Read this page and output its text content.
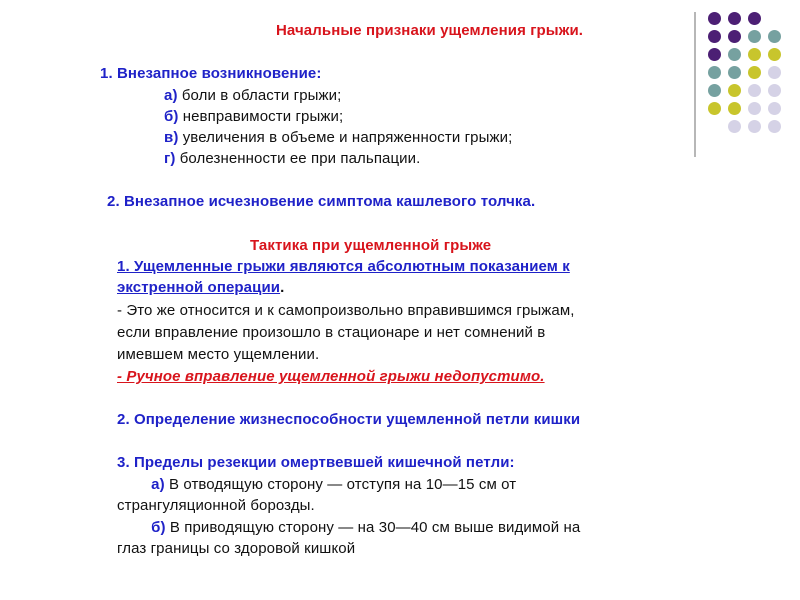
Начальные признаки ущемления грыжи.
1. Внезапное возникновение:
а) боли в области грыжи;
б) невправимости грыжи;
в) увеличения в объеме и напряженности грыжи;
г) болезненности ее при пальпации.
2. Внезапное исчезновение симптома кашлевого толчка.
Тактика при ущемленной грыже
1. Ущемленные грыжи являются абсолютным показанием к
экстренной операции.
- Это же относится и к самопроизвольно вправившимся грыжам,
если вправление произошло в стационаре и нет сомнений в
имевшем место ущемлении.
- Ручное вправление ущемленной грыжи недопустимо.
2. Определение жизнеспособности ущемленной петли кишки
3. Пределы резекции омертвевшей кишечной петли:
а) В отводящую сторону — отступя на 10—15 см от
странгуляционной борозды.
б) В приводящую сторону — на 30—40 см выше видимой на
глаз границы со здоровой кишкой
